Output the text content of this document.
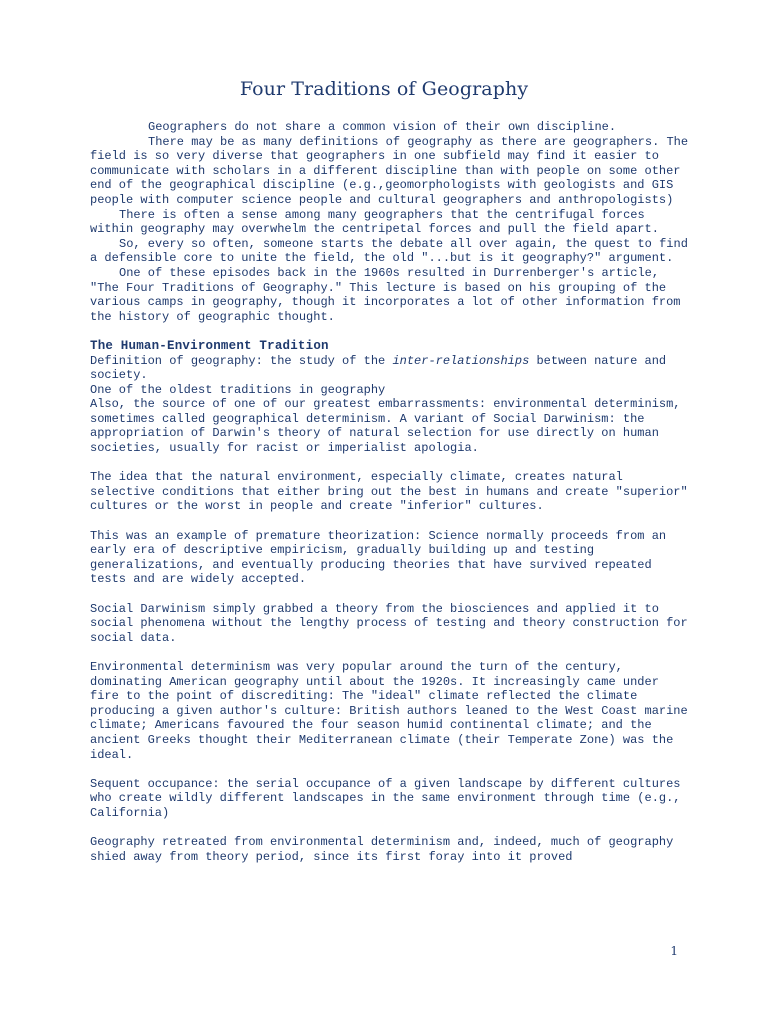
Four Traditions of Geography

Geographers do not share a common vision of their own discipline.

There may be as many definitions of geography as there are geographers. The field is so very diverse that geographers in one subfield may find it easier to communicate with scholars in a different discipline than with people on some other end of the geographical discipline (e.g.,geomorphologists with geologists and GIS people with computer science people and cultural geographers and anthropologists)

There is often a sense among many geographers that the centrifugal forces within geography may overwhelm the centripetal forces and pull the field apart.

So, every so often, someone starts the debate all over again, the quest to find a defensible core to unite the field, the old "...but is it geography?" argument.

One of these episodes back in the 1960s resulted in Durrenberger's article, "The Four Traditions of Geography." This lecture is based on his grouping of the various camps in geography, though it incorporates a lot of other information from the history of geographic thought.

The Human-Environment Tradition

Definition of geography: the study of the inter-relationships between nature and society.

One of the oldest traditions in geography

Also, the source of one of our greatest embarrassments: environmental determinism, sometimes called geographical determinism. A variant of Social Darwinism: the appropriation of Darwin's theory of natural selection for use directly on human societies, usually for racist or imperialist apologia.

The idea that the natural environment, especially climate, creates natural selective conditions that either bring out the best in humans and create "superior" cultures or the worst in people and create "inferior" cultures.

This was an example of premature theorization: Science normally proceeds from an early era of descriptive empiricism, gradually building up and testing generalizations, and eventually producing theories that have survived repeated tests and are widely accepted.

Social Darwinism simply grabbed a theory from the biosciences and applied it to social phenomena without the lengthy process of testing and theory construction for social data.

Environmental determinism was very popular around the turn of the century, dominating American geography until about the 1920s. It increasingly came under fire to the point of discrediting: The "ideal" climate reflected the climate producing a given author's culture: British authors leaned to the West Coast marine climate; Americans favoured the four season humid continental climate; and the ancient Greeks thought their Mediterranean climate (their Temperate Zone) was the ideal.

Sequent occupance: the serial occupance of a given landscape by different cultures who create wildly different landscapes in the same environment through time (e.g., California)

Geography retreated from environmental determinism and, indeed, much of geography shied away from theory period, since its first foray into it proved

1
